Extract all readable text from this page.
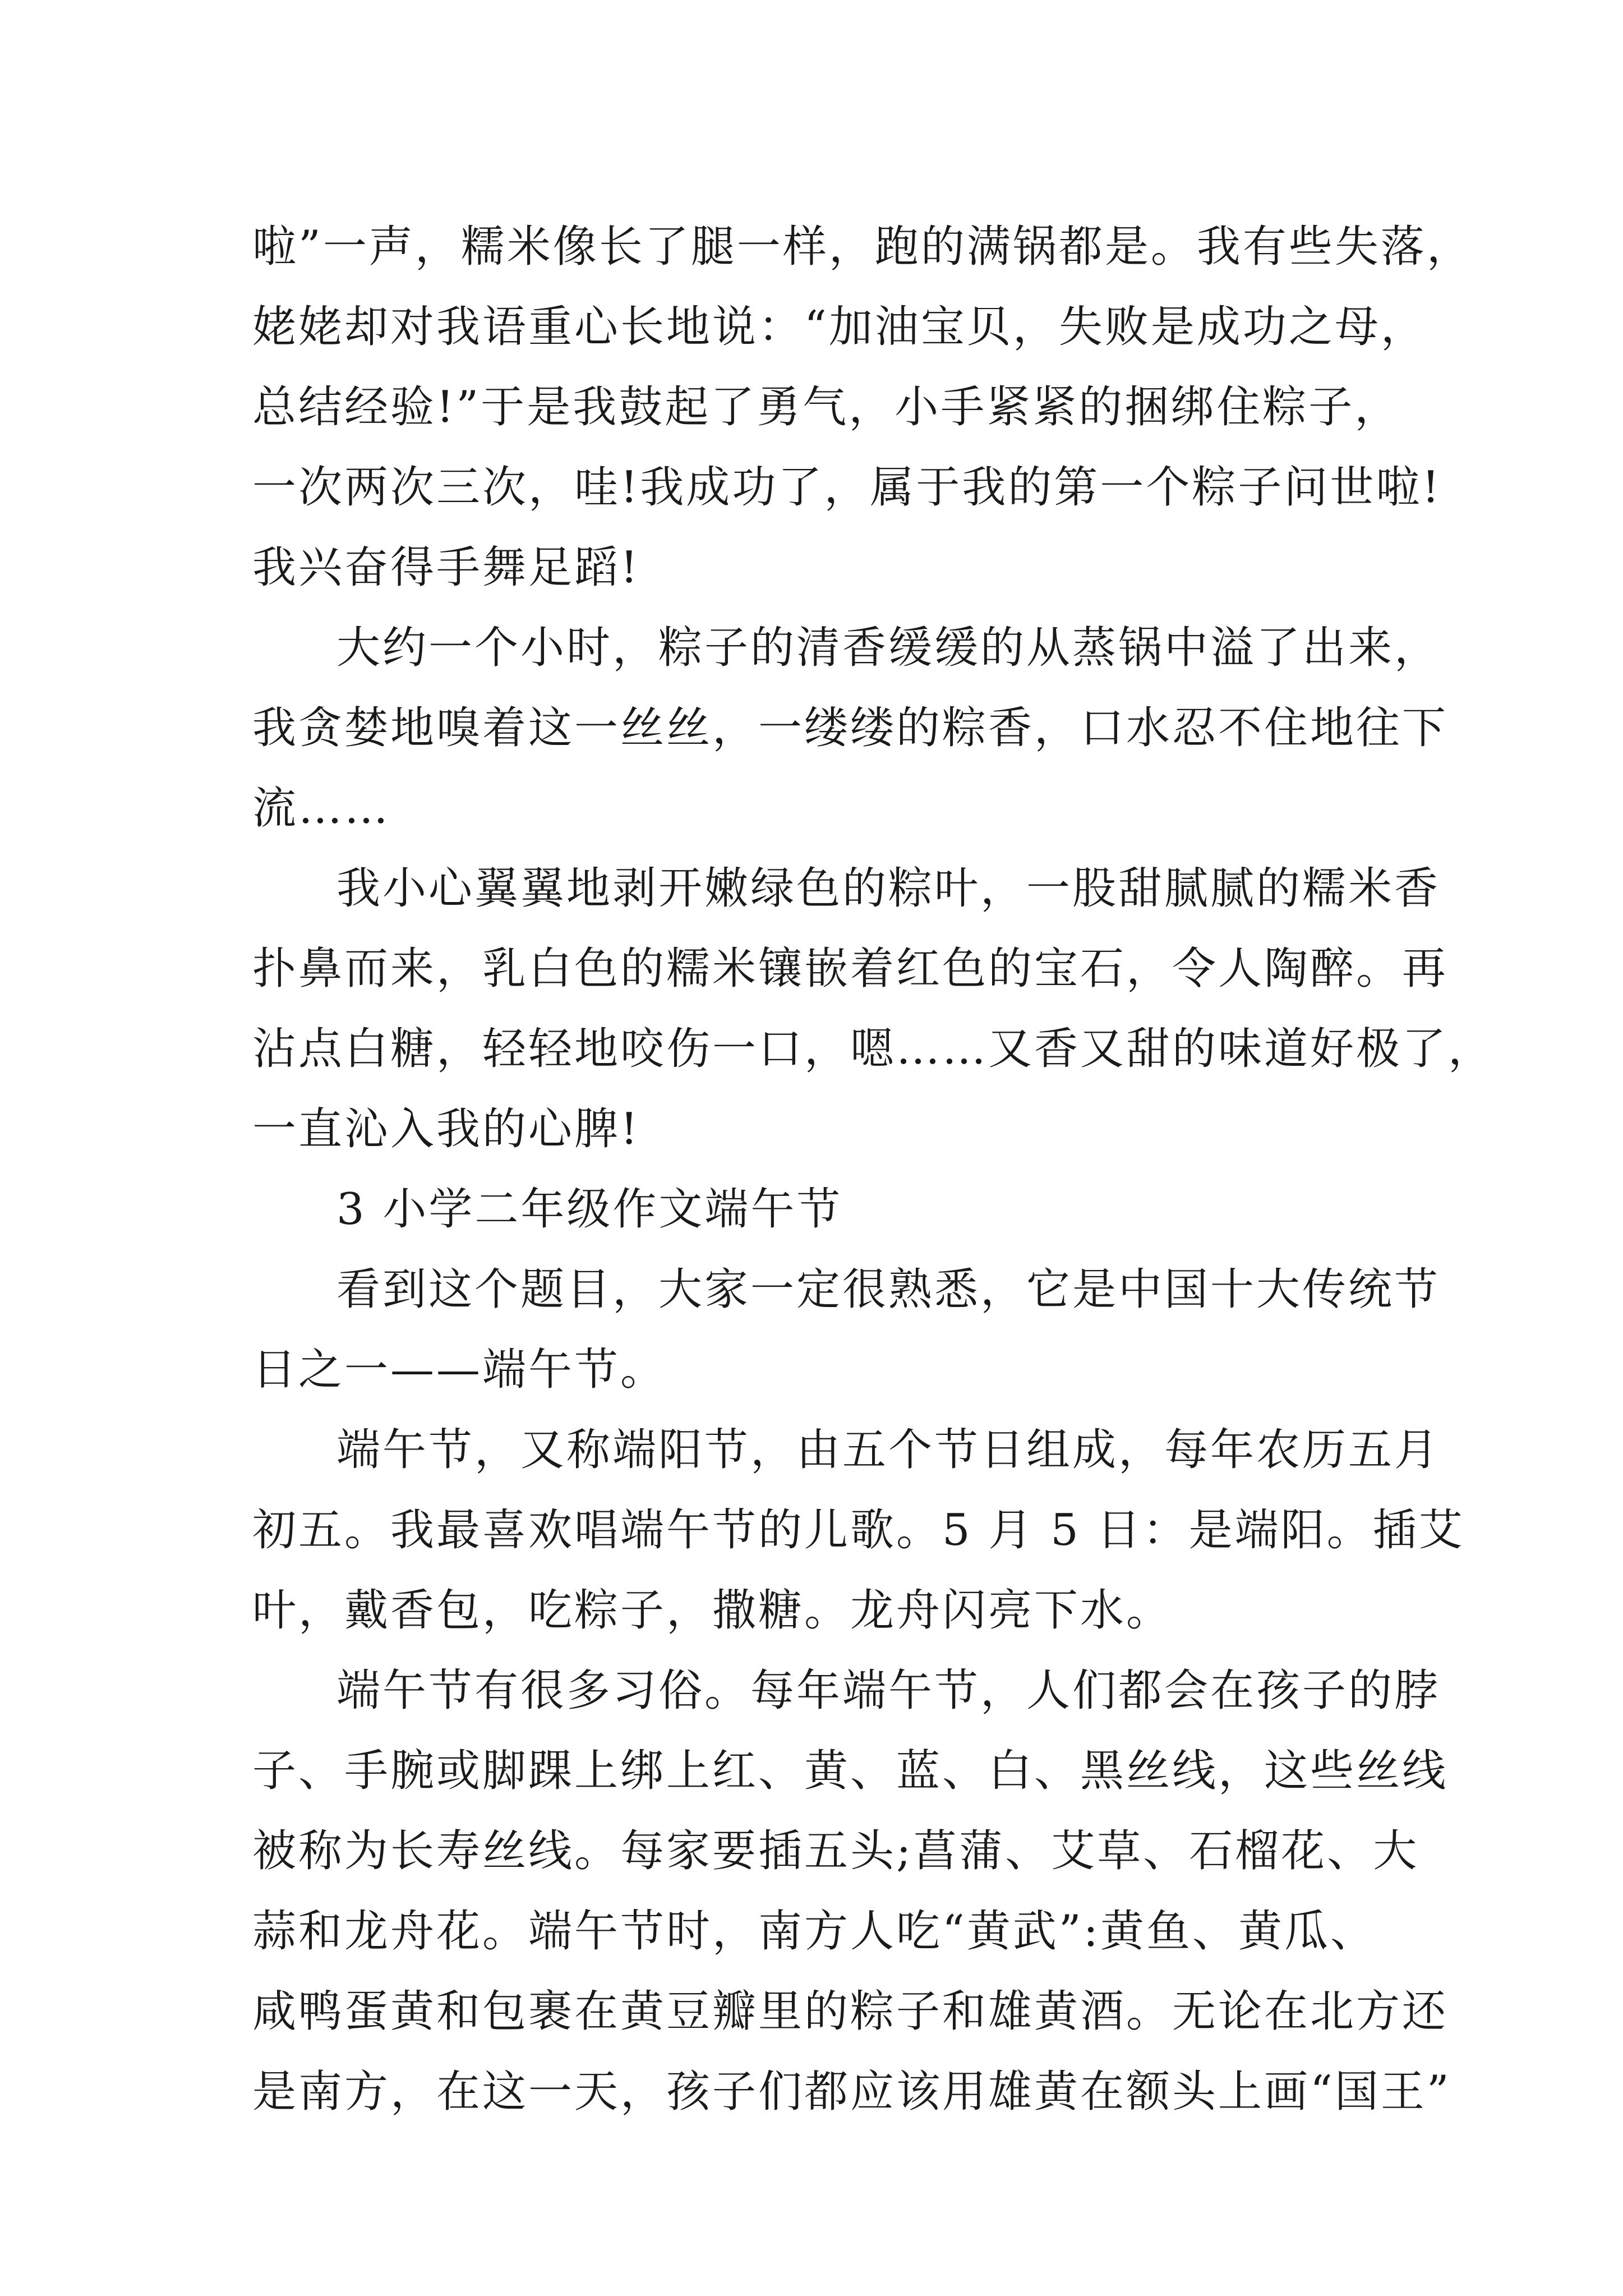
啦”一声，糯米像长了腿一样，跑的满锅都是。我有些失落，
姥姥却对我语重心长地说：“加油宝贝，失败是成功之母，
总结经验!”于是我鼓起了勇气，小手紧紧的捆绑住粽子，
一次两次三次，哇!我成功了，属于我的第一个粽子问世啦!
我兴奋得手舞足蹈!
大约一个小时，粽子的清香缓缓的从蒸锅中溢了出来，
我贪婪地嗅着这一丝丝，一缕缕的粽香，口水忍不住地往下
流……
我小心翼翼地剥开嫩绿色的粽叶，一股甜腻腻的糯米香
扑鼻而来，乳白色的糯米镶嵌着红色的宝石，令人陶醉。再
沾点白糖，轻轻地咬伤一口，嗯……又香又甜的味道好极了，
一直沁入我的心脾!
3 小学二年级作文端午节
看到这个题目，大家一定很熟悉，它是中国十大传统节
日之一——端午节。
端午节，又称端阳节，由五个节日组成，每年农历五月
初五。我最喜欢唱端午节的儿歌。5 月 5 日：是端阳。插艾
叶，戴香包，吃粽子，撒糖。龙舟闪亮下水。
端午节有很多习俗。每年端午节，人们都会在孩子的脖
子、手腕或脚踝上绑上红、黄、蓝、白、黑丝线，这些丝线
被称为长寿丝线。每家要插五头;菖蒲、艾草、石榴花、大
蒜和龙舟花。端午节时，南方人吃“黄武”:黄鱼、黄瓜、
咸鸭蛋黄和包裹在黄豆瓣里的粽子和雄黄酒。无论在北方还
是南方，在这一天，孩子们都应该用雄黄在额头上画“国王”
